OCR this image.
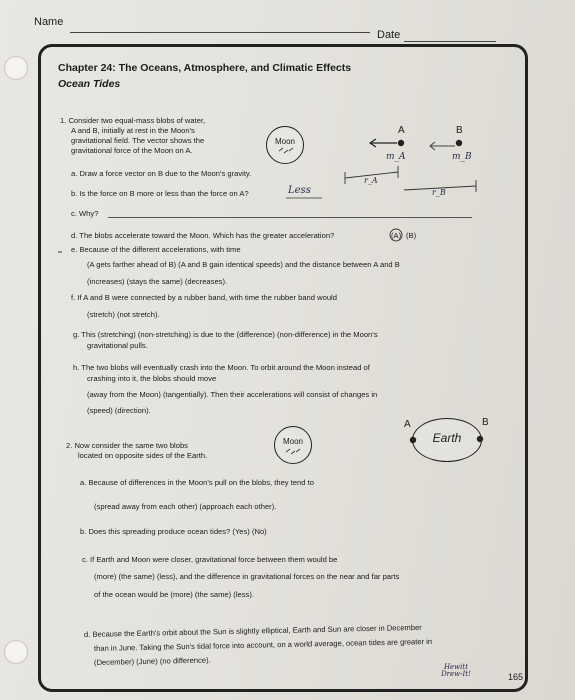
Name
Date
Chapter 24: The Oceans, Atmosphere, and Climatic Effects
Ocean Tides
1. Consider two equal-mass blobs of water,
A and B, initially at rest in the Moon's
gravitational field. The vector shows the
gravitational force of the Moon on A.
Moon
A	B
m_A	m_B
r_A
r_B
a. Draw a force vector on B due to the Moon's gravity.
b. Is the force on B more or less than the force on A?	Less
c. Why?
d. The blobs accelerate toward the Moon. Which has the greater acceleration?	(A) (B)
e. Because of the different accelerations, with time
(A gets farther ahead of B) (A and B gain identical speeds) and the distance between A and B
(increases) (stays the same) (decreases).
f. If A and B were connected by a rubber band, with time the rubber band would
(stretch) (not stretch).
g. This (stretching) (non-stretching) is due to the (difference) (non-difference) in the Moon's
gravitational pulls.
h. The two blobs will eventually crash into the Moon. To orbit around the Moon instead of
crashing into it, the blobs should move
(away from the Moon) (tangentially). Then their accelerations will consist of changes in
(speed) (direction).
2. Now consider the same two blobs
located on opposite sides of the Earth.
Moon	Earth
A	B
a. Because of differences in the Moon's pull on the blobs, they tend to
(spread away from each other) (approach each other).
b. Does this spreading produce ocean tides? (Yes) (No)
c. If Earth and Moon were closer, gravitational force between them would be
(more) (the same) (less), and the difference in gravitational forces on the near and far parts
of the ocean would be (more) (the same) (less).
d. Because the Earth's orbit about the Sun is slightly elliptical, Earth and Sun are closer in December
than in June. Taking the Sun's tidal force into account, on a world average, ocean tides are greater in
(December) (June) (no difference).
Hewitt Drew-It!	165
